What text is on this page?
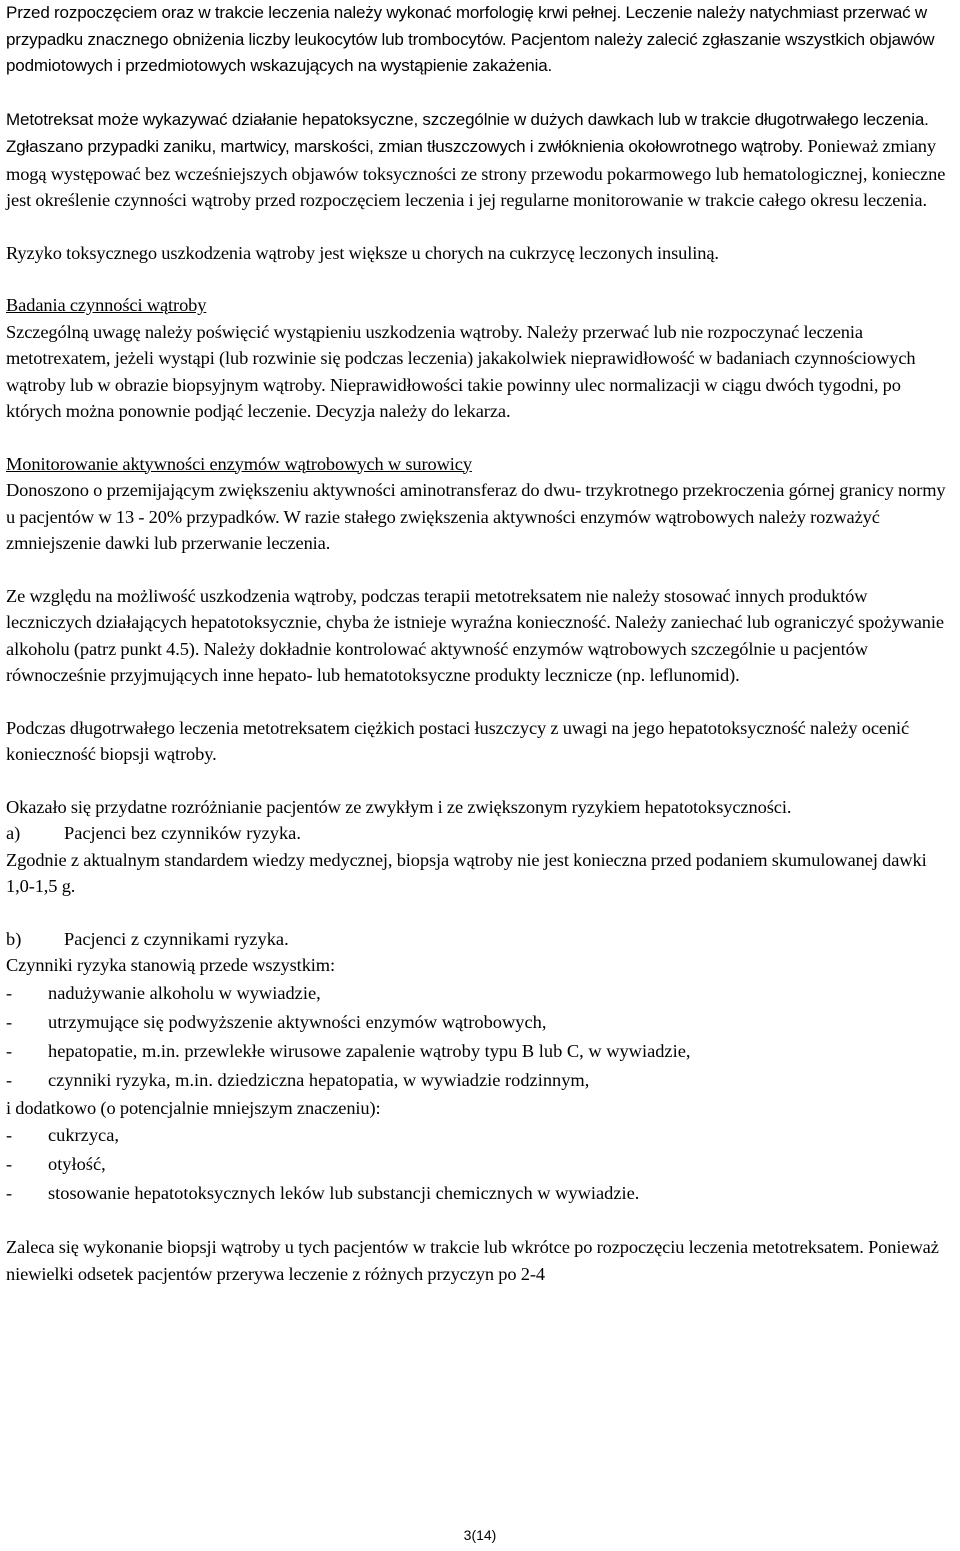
Przed rozpoczęciem oraz w trakcie leczenia należy wykonać morfologię krwi pełnej. Leczenie należy natychmiast przerwać w przypadku znacznego obniżenia liczby leukocytów lub trombocytów. Pacjentom należy zalecić zgłaszanie wszystkich objawów podmiotowych i przedmiotowych wskazujących na wystąpienie zakażenia.

Metotreksat może wykazywać działanie hepatoksyczne, szczególnie w dużych dawkach lub w trakcie długotrwałego leczenia. Zgłaszano przypadki zaniku, martwicy, marskości, zmian tłuszczowych i zwłóknienia okołowrotnego wątroby. Ponieważ zmiany mogą występować bez wcześniejszych objawów toksyczności ze strony przewodu pokarmowego lub hematologicznej, konieczne jest określenie czynności wątroby przed rozpoczęciem leczenia i jej regularne monitorowanie w trakcie całego okresu leczenia.

Ryzyko toksycznego uszkodzenia wątroby jest większe u chorych na cukrzycę leczonych insuliną.

Badania czynności wątroby

Szczególną uwagę należy poświęcić wystąpieniu uszkodzenia wątroby. Należy przerwać lub nie rozpoczynać leczenia metotrexatem, jeżeli wystąpi (lub rozwinie się podczas leczenia) jakakolwiek nieprawidłowość w badaniach czynnościowych wątroby lub w obrazie biopsyjnym wątroby. Nieprawidłowości takie powinny ulec normalizacji w ciągu dwóch tygodni, po których można ponownie podjąć leczenie. Decyzja należy do lekarza.

Monitorowanie aktywności enzymów wątrobowych w surowicy

Donoszono o przemijającym zwiększeniu aktywności aminotransferaz do dwu- trzykrotnego przekroczenia górnej granicy normy u pacjentów w 13 - 20% przypadków. W razie stałego zwiększenia aktywności enzymów wątrobowych należy rozważyć zmniejszenie dawki lub przerwanie leczenia.

Ze względu na możliwość uszkodzenia wątroby, podczas terapii metotreksatem nie należy stosować innych produktów leczniczych działających hepatotoksycznie, chyba że istnieje wyraźna konieczność. Należy zaniechać lub ograniczyć spożywanie alkoholu (patrz punkt 4.5). Należy dokładnie kontrolować aktywność enzymów wątrobowych szczególnie u pacjentów równocześnie przyjmujących inne hepato- lub hematotoksyczne produkty lecznicze (np. leflunomid).

Podczas długotrwałego leczenia metotreksatem ciężkich postaci łuszczycy z uwagi na jego hepatotoksyczność należy ocenić konieczność biopsji wątroby.

Okazało się przydatne rozróżnianie pacjentów ze zwykłym i ze zwiększonym ryzykiem hepatotoksyczności.

a)	Pacjenci bez czynników ryzyka.

Zgodnie z aktualnym standardem wiedzy medycznej, biopsja wątroby nie jest konieczna przed podaniem skumulowanej dawki 1,0-1,5 g.

b)	Pacjenci z czynnikami ryzyka.

Czynniki ryzyka stanowią przede wszystkim:

-	nadużywanie alkoholu w wywiadzie,
-	utrzymujące się podwyższenie aktywności enzymów wątrobowych,
-	hepatopatie, m.in. przewlekłe wirusowe zapalenie wątroby typu B lub C, w wywiadzie,
-	czynniki ryzyka, m.in. dziedziczna hepatopatia, w wywiadzie rodzinnym,

i dodatkowo (o potencjalnie mniejszym znaczeniu):

-	cukrzyca,
-	otyłość,
-	stosowanie hepatotoksycznych leków lub substancji chemicznych w wywiadzie.

Zaleca się wykonanie biopsji wątroby u tych pacjentów w trakcie lub wkrótce po rozpoczęciu leczenia metotreksatem. Ponieważ niewielki odsetek pacjentów przerywa leczenie z różnych przyczyn po 2-4

3(14)
